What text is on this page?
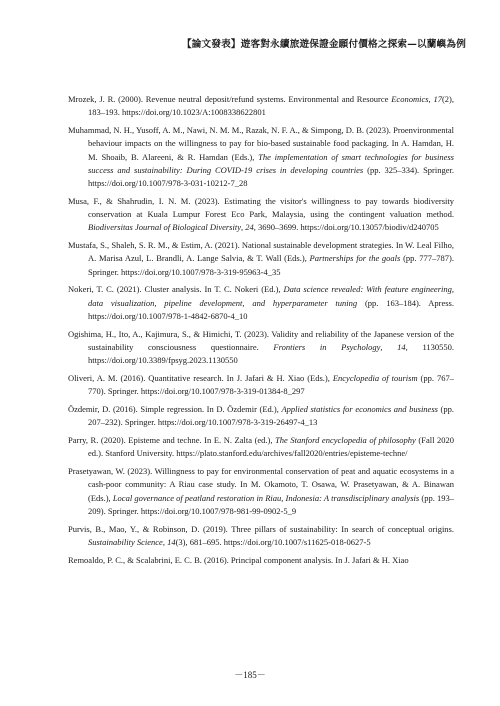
【論文發表】遊客對永續旅遊保證金願付價格之探索—以蘭嶼為例
Mrozek, J. R. (2000). Revenue neutral deposit/refund systems. Environmental and Resource Economics, 17(2), 183–193. https://doi.org/10.1023/A:1008338622801
Muhammad, N. H., Yusoff, A. M., Nawi, N. M. M., Razak, N. F. A., & Simpong, D. B. (2023). Proenvironmental behaviour impacts on the willingness to pay for bio-based sustainable food packaging. In A. Hamdan, H. M. Shoaib, B. Alareeni, & R. Hamdan (Eds.), The implementation of smart technologies for business success and sustainability: During COVID-19 crises in developing countries (pp. 325–334). Springer. https://doi.org/10.1007/978-3-031-10212-7_28
Musa, F., & Shahrudin, I. N. M. (2023). Estimating the visitor's willingness to pay towards biodiversity conservation at Kuala Lumpur Forest Eco Park, Malaysia, using the contingent valuation method. Biodiversitas Journal of Biological Diversity, 24, 3690–3699. https://doi.org/10.13057/biodiv/d240705
Mustafa, S., Shaleh, S. R. M., & Estim, A. (2021). National sustainable development strategies. In W. Leal Filho, A. Marisa Azul, L. Brandli, A. Lange Salvia, & T. Wall (Eds.), Partnerships for the goals (pp. 777–787). Springer. https://doi.org/10.1007/978-3-319-95963-4_35
Nokeri, T. C. (2021). Cluster analysis. In T. C. Nokeri (Ed.), Data science revealed: With feature engineering, data visualization, pipeline development, and hyperparameter tuning (pp. 163–184). Apress. https://doi.org/10.1007/978-1-4842-6870-4_10
Ogishima, H., Ito, A., Kajimura, S., & Himichi, T. (2023). Validity and reliability of the Japanese version of the sustainability consciousness questionnaire. Frontiers in Psychology, 14, 1130550. https://doi.org/10.3389/fpsyg.2023.1130550
Oliveri, A. M. (2016). Quantitative research. In J. Jafari & H. Xiao (Eds.), Encyclopedia of tourism (pp. 767–770). Springer. https://doi.org/10.1007/978-3-319-01384-8_297
Özdemir, D. (2016). Simple regression. In D. Özdemir (Ed.), Applied statistics for economics and business (pp. 207–232). Springer. https://doi.org/10.1007/978-3-319-26497-4_13
Parry, R. (2020). Episteme and techne. In E. N. Zalta (ed.), The Stanford encyclopedia of philosophy (Fall 2020 ed.). Stanford University. https://plato.stanford.edu/archives/fall2020/entries/episteme-techne/
Prasetyawan, W. (2023). Willingness to pay for environmental conservation of peat and aquatic ecosystems in a cash-poor community: A Riau case study. In M. Okamoto, T. Osawa, W. Prasetyawan, & A. Binawan (Eds.), Local governance of peatland restoration in Riau, Indonesia: A transdisciplinary analysis (pp. 193–209). Springer. https://doi.org/10.1007/978-981-99-0902-5_9
Purvis, B., Mao, Y., & Robinson, D. (2019). Three pillars of sustainability: In search of conceptual origins. Sustainability Science, 14(3), 681–695. https://doi.org/10.1007/s11625-018-0627-5
Remoaldo, P. C., & Scalabrini, E. C. B. (2016). Principal component analysis. In J. Jafari & H. Xiao
－185－
